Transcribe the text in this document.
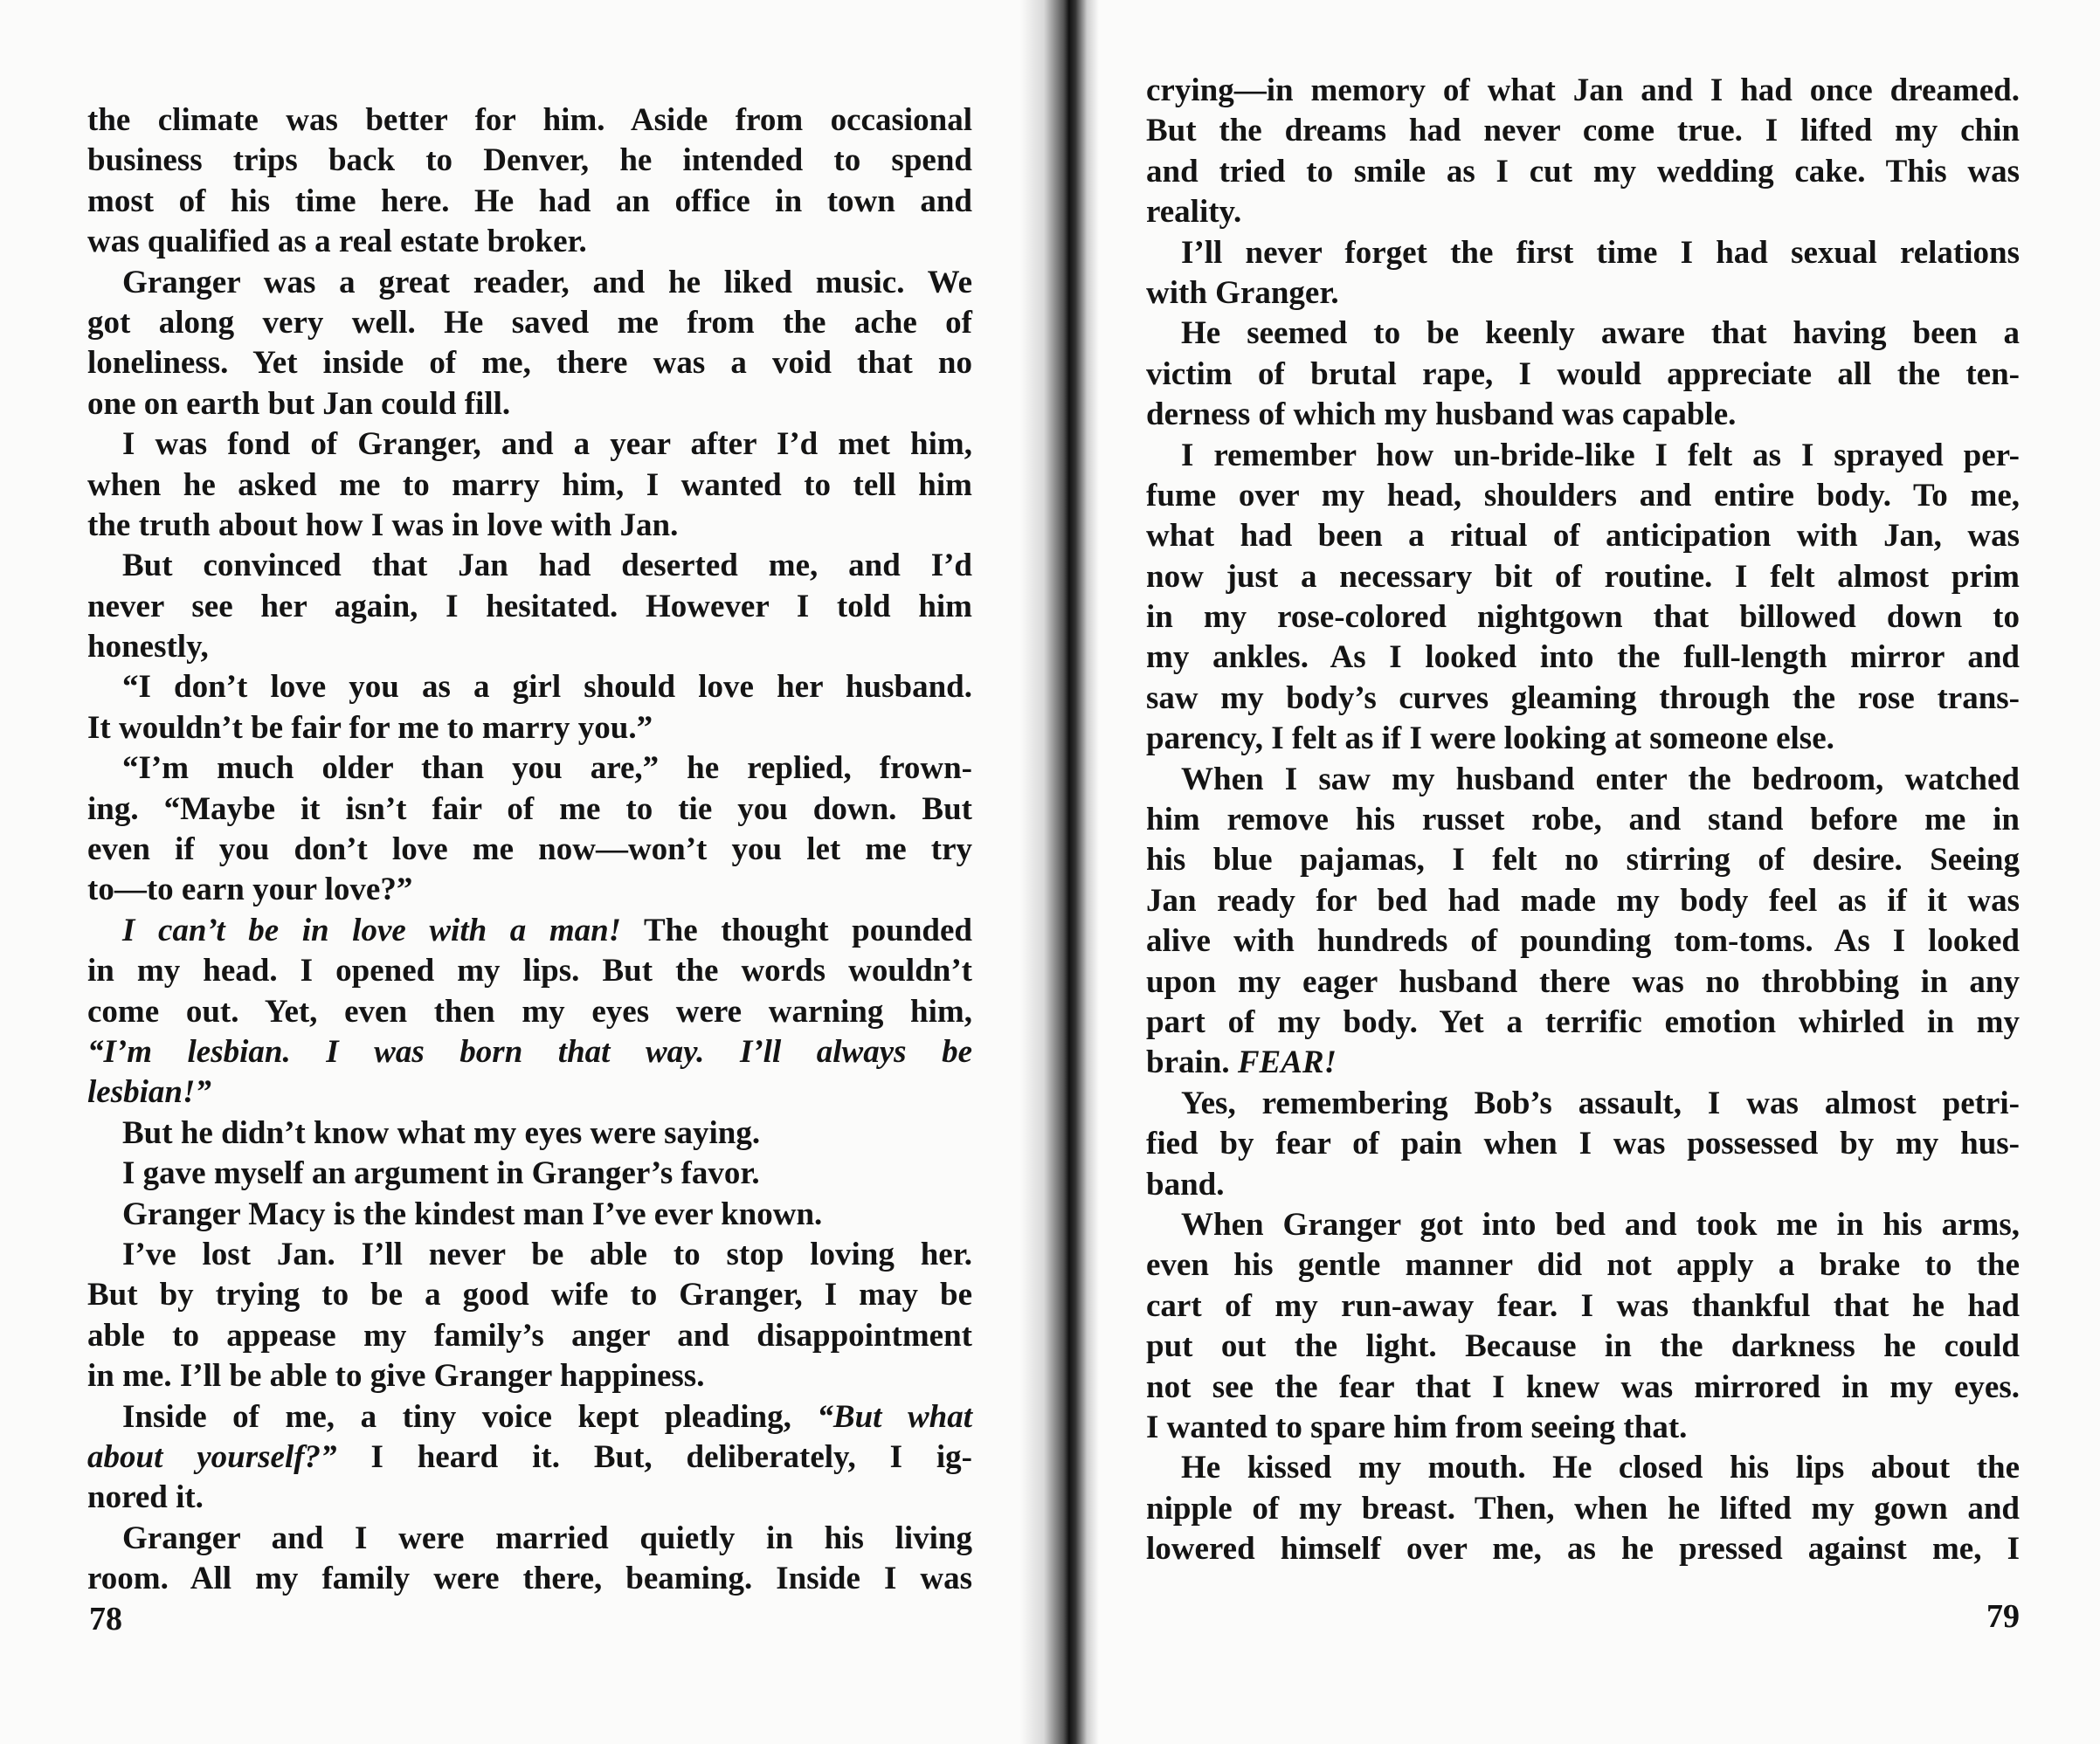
the climate was better for him. Aside from occasional
business trips back to Denver, he intended to spend
most of his time here. He had an office in town and
was qualified as a real estate broker.
Granger was a great reader, and he liked music. We
got along very well. He saved me from the ache of
loneliness. Yet inside of me, there was a void that no
one on earth but Jan could fill.
I was fond of Granger, and a year after I’d met him,
when he asked me to marry him, I wanted to tell him
the truth about how I was in love with Jan.
But convinced that Jan had deserted me, and I’d
never see her again, I hesitated. However I told him
honestly,
“I don’t love you as a girl should love her husband.
It wouldn’t be fair for me to marry you.”
“I’m much older than you are,” he replied, frown-
ing. “Maybe it isn’t fair of me to tie you down. But
even if you don’t love me now—won’t you let me try
to—to earn your love?”
I can’t be in love with a man! The thought pounded
in my head. I opened my lips. But the words wouldn’t
come out. Yet, even then my eyes were warning him,
“I’m lesbian. I was born that way. I’ll always be
lesbian!”
But he didn’t know what my eyes were saying.
I gave myself an argument in Granger’s favor.
Granger Macy is the kindest man I’ve ever known.
I’ve lost Jan. I’ll never be able to stop loving her.
But by trying to be a good wife to Granger, I may be
able to appease my family’s anger and disappointment
in me. I’ll be able to give Granger happiness.
Inside of me, a tiny voice kept pleading, “But what
about yourself?” I heard it. But, deliberately, I ig-
nored it.
Granger and I were married quietly in his living
room. All my family were there, beaming. Inside I was
crying—in memory of what Jan and I had once dreamed.
But the dreams had never come true. I lifted my chin
and tried to smile as I cut my wedding cake. This was
reality.
I’ll never forget the first time I had sexual relations
with Granger.
He seemed to be keenly aware that having been a
victim of brutal rape, I would appreciate all the ten-
derness of which my husband was capable.
I remember how un-bride-like I felt as I sprayed per-
fume over my head, shoulders and entire body. To me,
what had been a ritual of anticipation with Jan, was
now just a necessary bit of routine. I felt almost prim
in my rose-colored nightgown that billowed down to
my ankles. As I looked into the full-length mirror and
saw my body’s curves gleaming through the rose trans-
parency, I felt as if I were looking at someone else.
When I saw my husband enter the bedroom, watched
him remove his russet robe, and stand before me in
his blue pajamas, I felt no stirring of desire. Seeing
Jan ready for bed had made my body feel as if it was
alive with hundreds of pounding tom-toms. As I looked
upon my eager husband there was no throbbing in any
part of my body. Yet a terrific emotion whirled in my
brain. FEAR!
Yes, remembering Bob’s assault, I was almost petri-
fied by fear of pain when I was possessed by my hus-
band.
When Granger got into bed and took me in his arms,
even his gentle manner did not apply a brake to the
cart of my run-away fear. I was thankful that he had
put out the light. Because in the darkness he could
not see the fear that I knew was mirrored in my eyes.
I wanted to spare him from seeing that.
He kissed my mouth. He closed his lips about the
nipple of my breast. Then, when he lifted my gown and
lowered himself over me, as he pressed against me, I
78	79
